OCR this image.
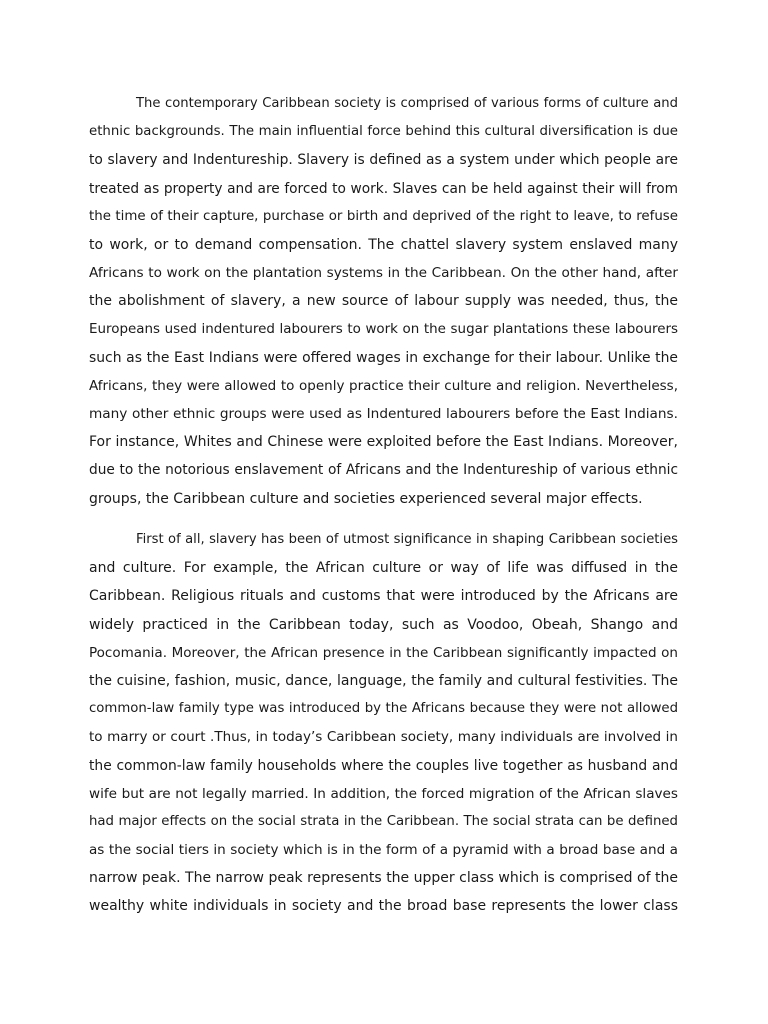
The contemporary Caribbean society is comprised of various forms of culture and
ethnic backgrounds. The main influential force behind this cultural diversification is due
to slavery and Indentureship. Slavery is defined as a system under which people are
treated as property and are forced to work. Slaves can be held against their will from
the time of their capture, purchase or birth and deprived of the right to leave, to refuse
to work, or to demand compensation. The chattel slavery system enslaved many
Africans to work on the plantation systems in the Caribbean. On the other hand, after
the abolishment of slavery, a new source of labour supply was needed, thus, the
Europeans used indentured labourers to work on the sugar plantations these labourers
such as the East Indians were offered wages in exchange for their labour. Unlike the
Africans, they were allowed to openly practice their culture and religion. Nevertheless,
many other ethnic groups were used as Indentured labourers before the East Indians.
For instance, Whites and Chinese were exploited before the East Indians. Moreover,
due to the notorious enslavement of Africans and the Indentureship of various ethnic
groups, the Caribbean culture and societies experienced several major effects.
First of all, slavery has been of utmost significance in shaping Caribbean societies
and culture. For example, the African culture or way of life was diffused in the
Caribbean. Religious rituals and customs that were introduced by the Africans are
widely practiced in the Caribbean today, such as Voodoo, Obeah, Shango and
Pocomania. Moreover, the African presence in the Caribbean significantly impacted on
the cuisine, fashion, music, dance, language, the family and cultural festivities. The
common-law family type was introduced by the Africans because they were not allowed
to marry or court .Thus, in today’s Caribbean society, many individuals are involved in
the common-law family households where the couples live together as husband and
wife but are not legally married. In addition, the forced migration of the African slaves
had major effects on the social strata in the Caribbean. The social strata can be defined
as the social tiers in society which is in the form of a pyramid with a broad base and a
narrow peak. The narrow peak represents the upper class which is comprised of the
wealthy white individuals in society and the broad base represents the lower class
